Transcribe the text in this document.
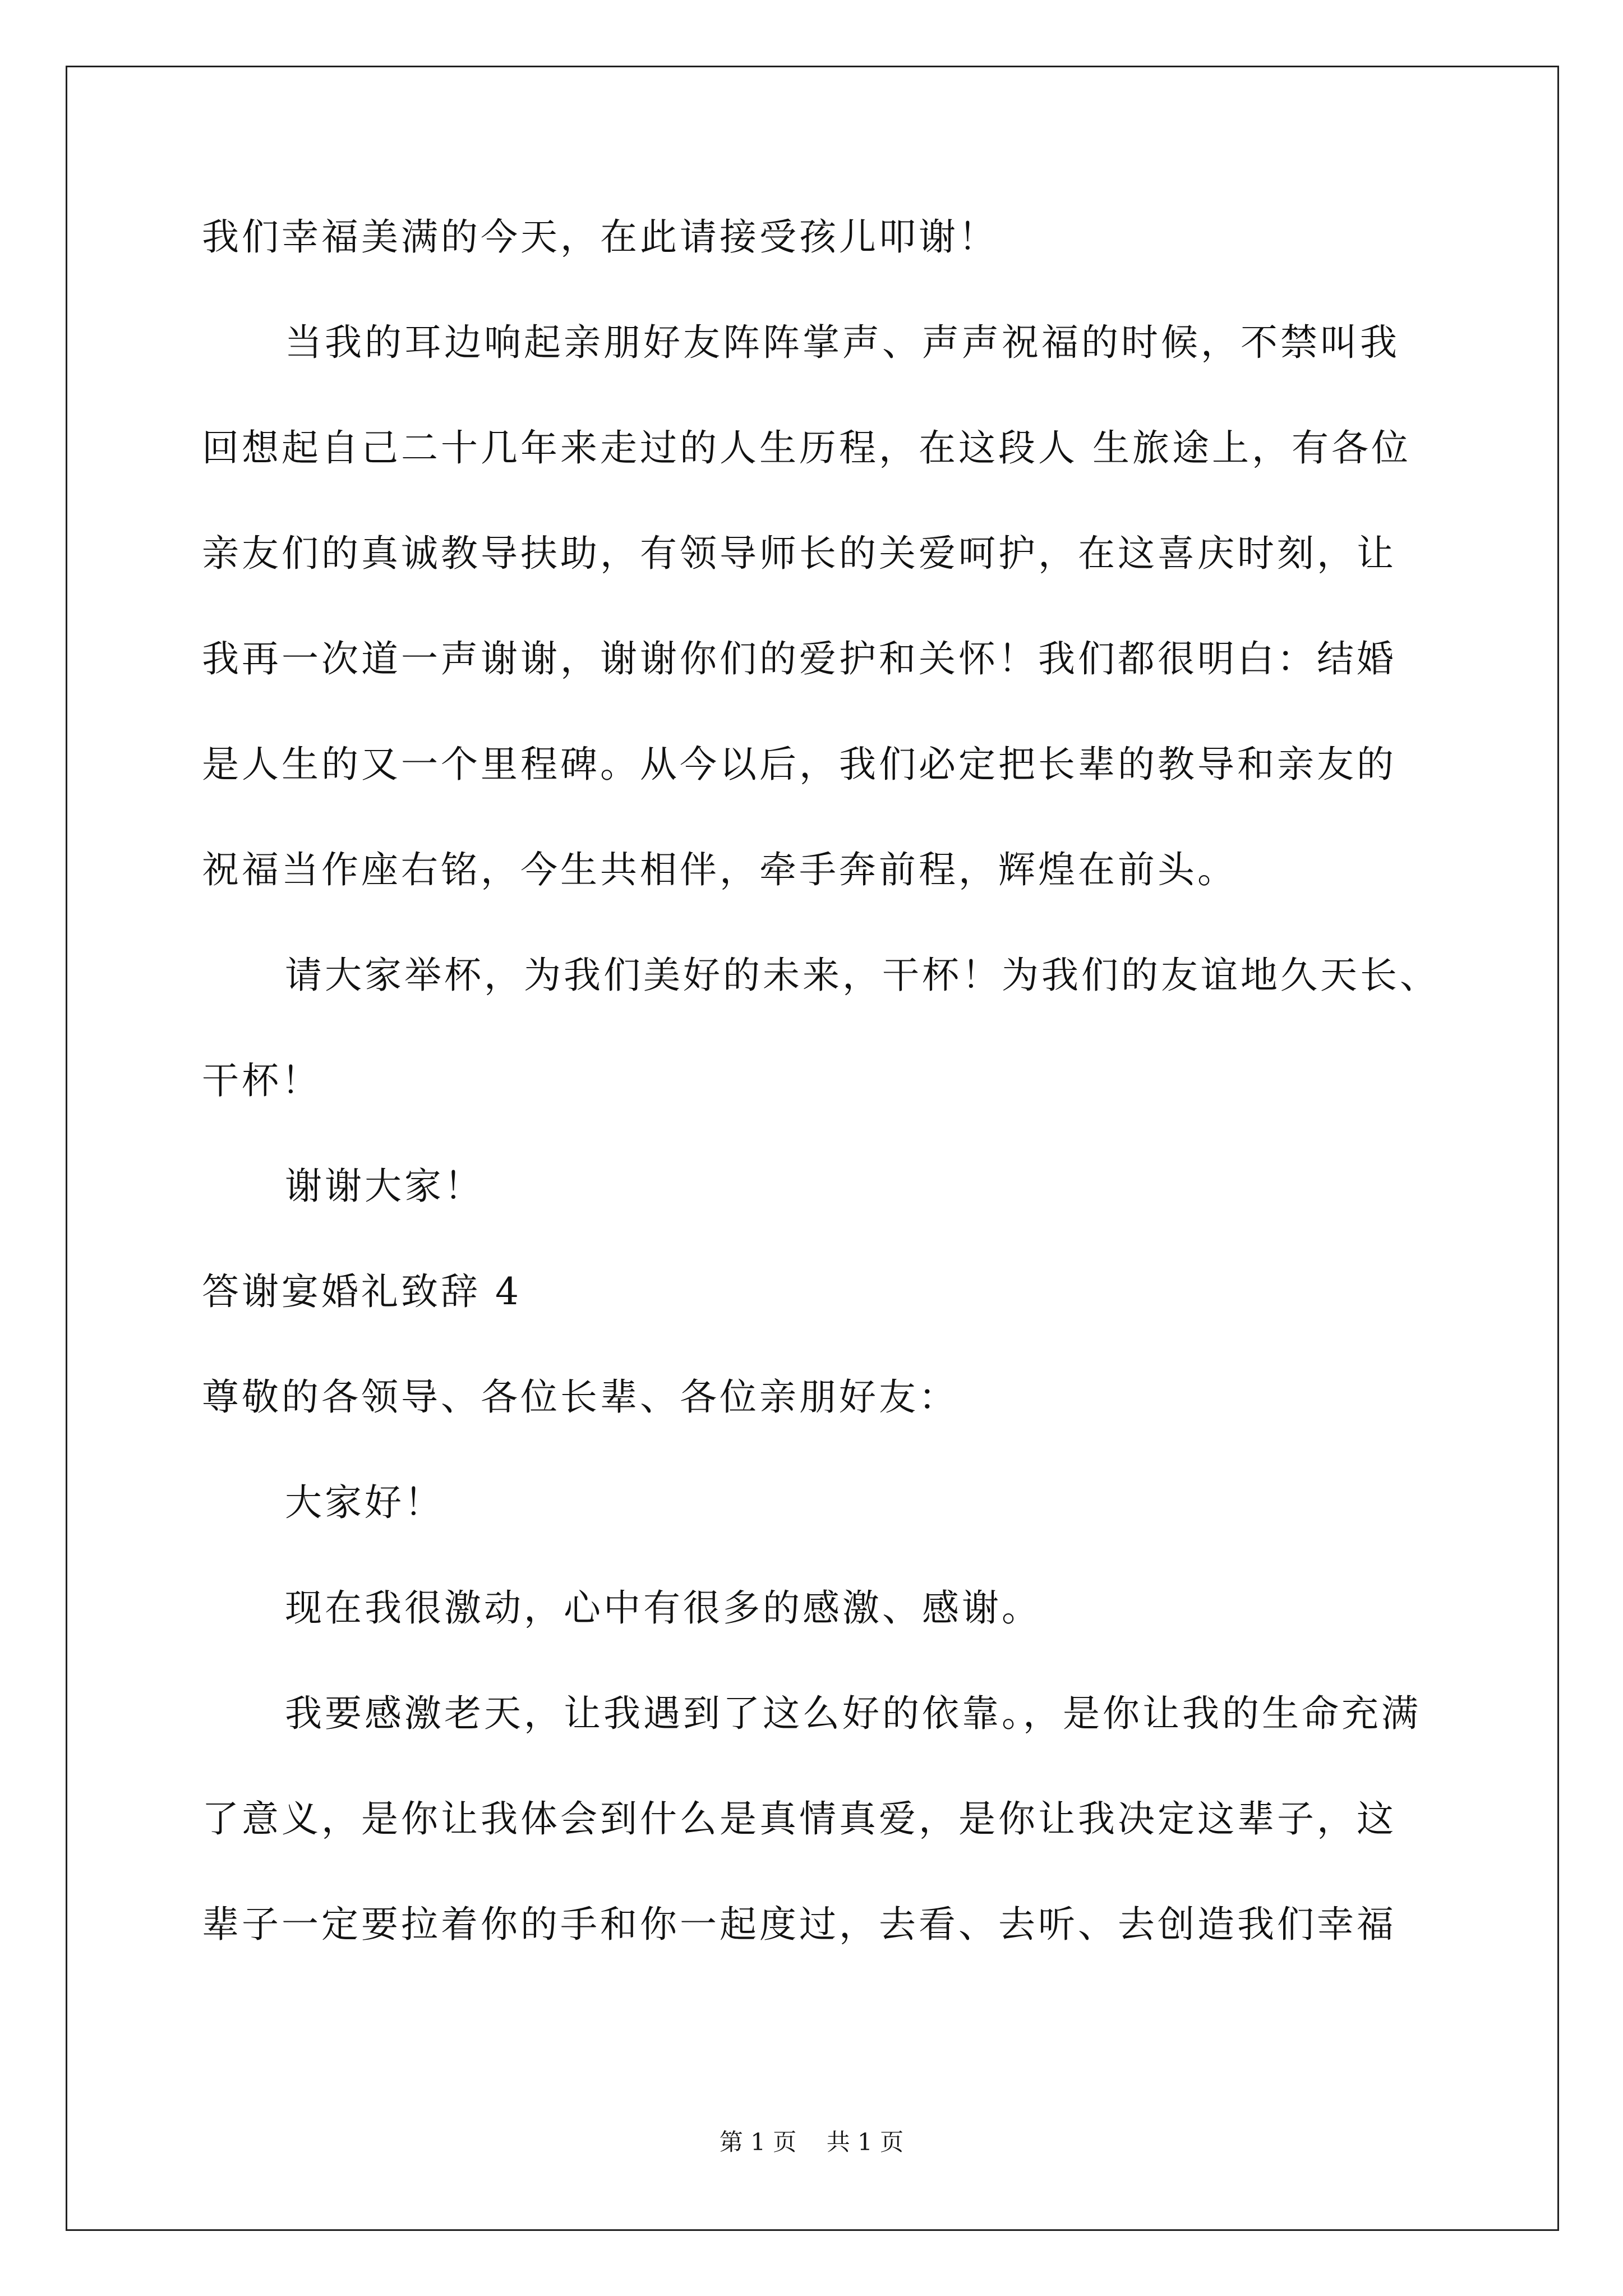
我们幸福美满的今天，在此请接受孩儿叩谢！
当我的耳边响起亲朋好友阵阵掌声、声声祝福的时候，不禁叫我
回想起自己二十几年来走过的人生历程，在这段人 生旅途上，有各位
亲友们的真诚教导扶助，有领导师长的关爱呵护，在这喜庆时刻，让
我再一次道一声谢谢，谢谢你们的爱护和关怀！我们都很明白：结婚
是人生的又一个里程碑。从今以后，我们必定把长辈的教导和亲友的
祝福当作座右铭，今生共相伴，牵手奔前程，辉煌在前头。
请大家举杯，为我们美好的未来，干杯！为我们的友谊地久天长、
干杯！
谢谢大家！
答谢宴婚礼致辞 4
尊敬的各领导、各位长辈、各位亲朋好友：
大家好！
现在我很激动，心中有很多的感激、感谢。
我要感激老天，让我遇到了这么好的依靠。，是你让我的生命充满
了意义，是你让我体会到什么是真情真爱，是你让我决定这辈子，这
辈子一定要拉着你的手和你一起度过，去看、去听、去创造我们幸福
第 1 页    共 1 页
